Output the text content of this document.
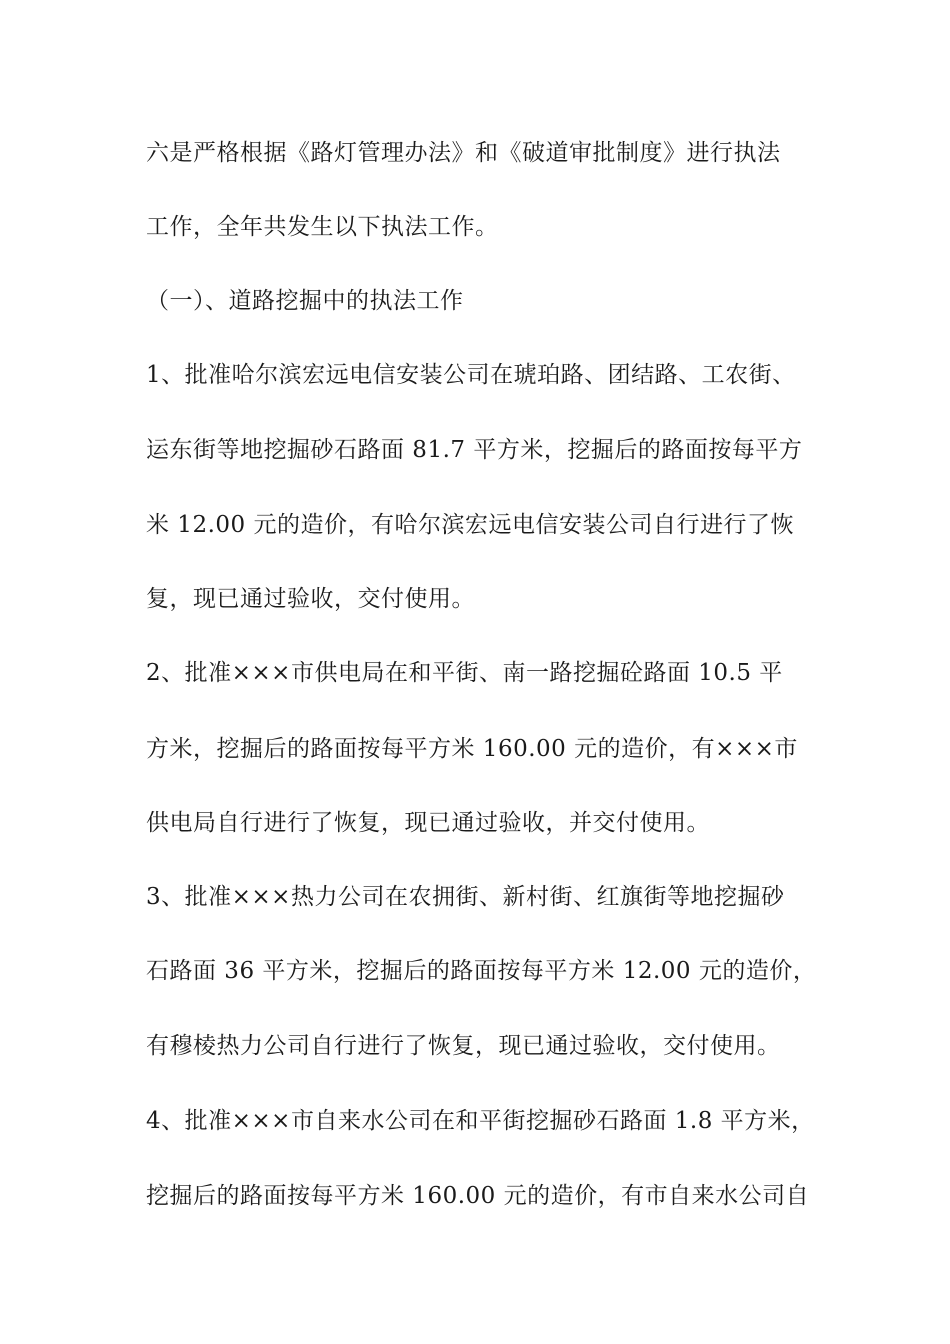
六是严格根据《路灯管理办法》和《破道审批制度》进行执法
工作，全年共发生以下执法工作。
（一）、道路挖掘中的执法工作
1、批准哈尔滨宏远电信安装公司在琥珀路、团结路、工农街、
运东街等地挖掘砂石路面 81.7 平方米，挖掘后的路面按每平方
米 12.00 元的造价，有哈尔滨宏远电信安装公司自行进行了恢
复，现已通过验收，交付使用。
2、批准×××市供电局在和平街、南一路挖掘砼路面 10.5 平
方米，挖掘后的路面按每平方米 160.00 元的造价，有×××市
供电局自行进行了恢复，现已通过验收，并交付使用。
3、批准×××热力公司在农拥街、新村街、红旗街等地挖掘砂
石路面 36 平方米，挖掘后的路面按每平方米 12.00 元的造价，
有穆棱热力公司自行进行了恢复，现已通过验收，交付使用。
4、批准×××市自来水公司在和平街挖掘砂石路面 1.8 平方米，
挖掘后的路面按每平方米 160.00 元的造价，有市自来水公司自
